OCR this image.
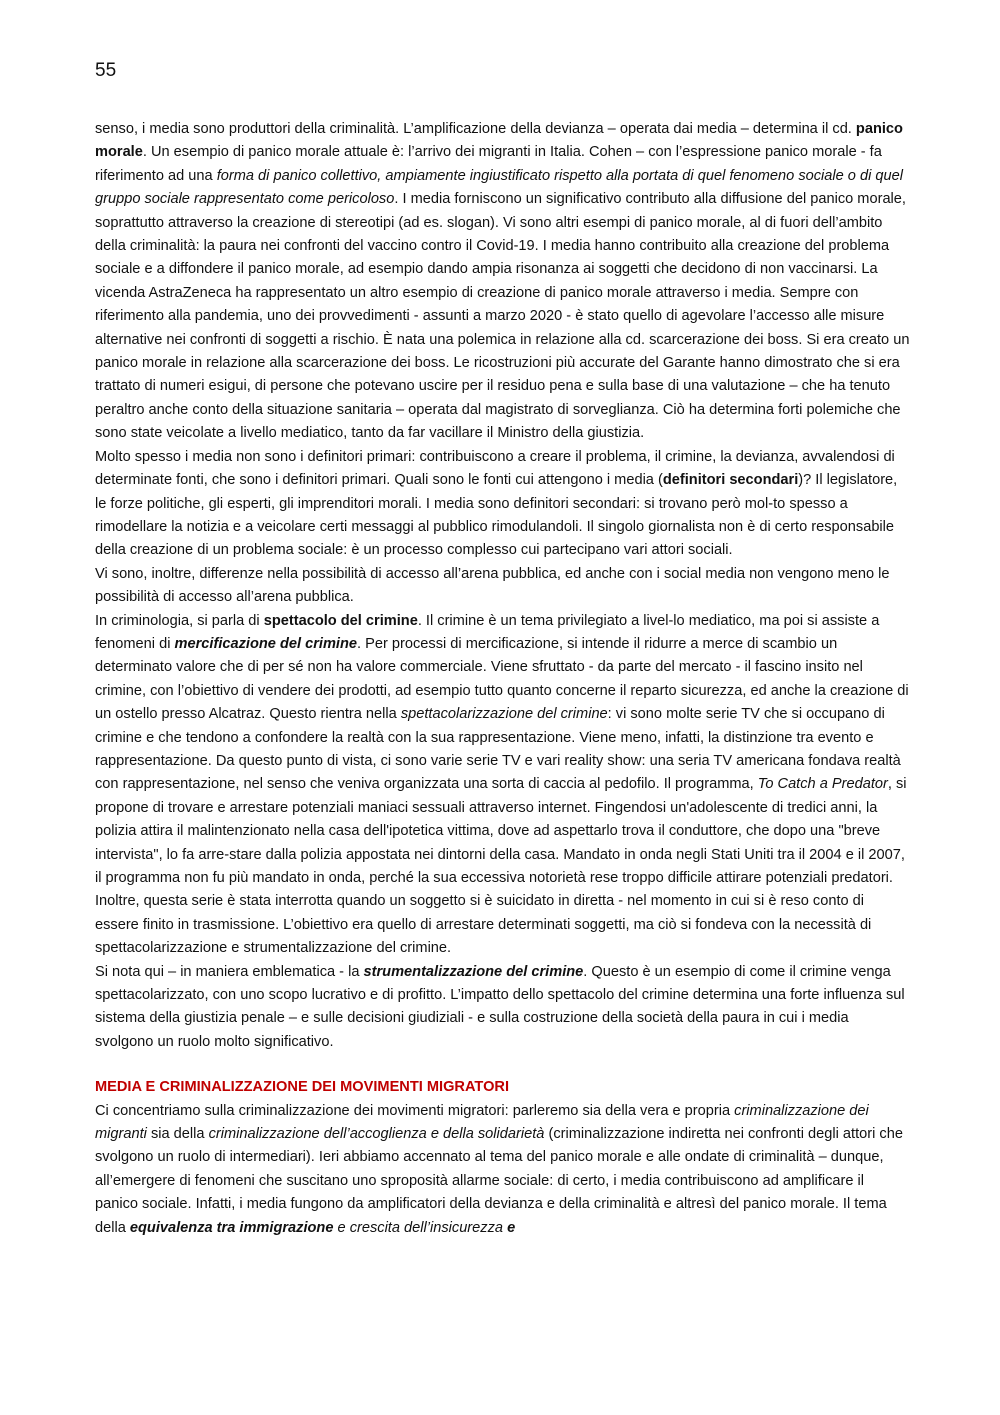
55

senso, i media sono produttori della criminalità. L’amplificazione della devianza – operata dai media – determina il cd. panico morale. Un esempio di panico morale attuale è: l’arrivo dei migranti in Italia. Cohen – con l’espressione panico morale - fa riferimento ad una forma di panico collettivo, ampiamente ingiustificato rispetto alla portata di quel fenomeno sociale o di quel gruppo sociale rappresentato come pericoloso. I media forniscono un significativo contributo alla diffusione del panico morale, soprattutto attraverso la creazione di stereotipi (ad es. slogan). Vi sono altri esempi di panico morale, al di fuori dell’ambito della criminalità: la paura nei confronti del vaccino contro il Covid-19. I media hanno contribuito alla creazione del problema sociale e a diffondere il panico morale, ad esempio dando ampia risonanza ai soggetti che decidono di non vaccinarsi. La vicenda AstraZeneca ha rappresentato un altro esempio di creazione di panico morale attraverso i media. Sempre con riferimento alla pandemia, uno dei provvedimenti - assunti a marzo 2020 - è stato quello di agevolare l’accesso alle misure alternative nei confronti di soggetti a rischio. È nata una polemica in relazione alla cd. scarcerazione dei boss. Si era creato un panico morale in relazione alla scarcerazione dei boss. Le ricostruzioni più accurate del Garante hanno dimostrato che si era trattato di numeri esigui, di persone che potevano uscire per il residuo pena e sulla base di una valutazione – che ha tenuto peraltro anche conto della situazione sanitaria – operata dal magistrato di sorveglianza. Ciò ha determina forti polemiche che sono state veicolate a livello mediatico, tanto da far vacillare il Ministro della giustizia.

Molto spesso i media non sono i definitori primari: contribuiscono a creare il problema, il crimine, la devianza, avvalendosi di determinate fonti, che sono i definitori primari. Quali sono le fonti cui attengono i media (definitori secondari)? Il legislatore, le forze politiche, gli esperti, gli imprenditori morali. I media sono definitori secondari: si trovano però mol-to spesso a rimodellare la notizia e a veicolare certi messaggi al pubblico rimodulandoli. Il singolo giornalista non è di certo responsabile della creazione di un problema sociale: è un processo complesso cui partecipano vari attori sociali.

Vi sono, inoltre, differenze nella possibilità di accesso all’arena pubblica, ed anche con i social media non vengono meno le possibilità di accesso all’arena pubblica.

In criminologia, si parla di spettacolo del crimine. Il crimine è un tema privilegiato a livel-lo mediatico, ma poi si assiste a fenomeni di mercificazione del crimine. Per processi di mercificazione, si intende il ridurre a merce di scambio un determinato valore che di per sé non ha valore commerciale. Viene sfruttato - da parte del mercato - il fascino insito nel crimine, con l’obiettivo di vendere dei prodotti, ad esempio tutto quanto concerne il reparto sicurezza, ed anche la creazione di un ostello presso Alcatraz. Questo rientra nella spettacolarizzazione del crimine: vi sono molte serie TV che si occupano di crimine e che tendono a confondere la realtà con la sua rappresentazione. Viene meno, infatti, la distinzione tra evento e rappresentazione. Da questo punto di vista, ci sono varie serie TV e vari reality show: una seria TV americana fondava realtà con rappresentazione, nel senso che veniva organizzata una sorta di caccia al pedofilo. Il programma, To Catch a Predator, si propone di trovare e arrestare potenziali maniaci sessuali attraverso internet. Fingendosi un'adolescente di tredici anni, la polizia attira il malintenzionato nella casa dell'ipotetica vittima, dove ad aspettarlo trova il conduttore, che dopo una "breve intervista", lo fa arre-stare dalla polizia appostata nei dintorni della casa. Mandato in onda negli Stati Uniti tra il 2004 e il 2007, il programma non fu più mandato in onda, perché la sua eccessiva notorietà rese troppo difficile attirare potenziali predatori. Inoltre, questa serie è stata interrotta quando un soggetto si è suicidato in diretta - nel momento in cui si è reso conto di essere finito in trasmissione. L’obiettivo era quello di arrestare determinati soggetti, ma ciò si fondeva con la necessità di spettacolarizzazione e strumentalizzazione del crimine.

Si nota qui – in maniera emblematica - la strumentalizzazione del crimine. Questo è un esempio di come il crimine venga spettacolarizzato, con uno scopo lucrativo e di profitto. L’impatto dello spettacolo del crimine determina una forte influenza sul sistema della giustizia penale – e sulle decisioni giudiziali - e sulla costruzione della società della paura in cui i media svolgono un ruolo molto significativo.

MEDIA E CRIMINALIZZAZIONE DEI MOVIMENTI MIGRATORI

Ci concentriamo sulla criminalizzazione dei movimenti migratori: parleremo sia della vera e propria criminalizzazione dei migranti sia della criminalizzazione dell’accoglienza e della solidarietà (criminalizzazione indiretta nei confronti degli attori che svolgono un ruolo di intermediari). Ieri abbiamo accennato al tema del panico morale e alle ondate di criminalità – dunque, all’emergere di fenomeni che suscitano uno sproposità allarme sociale: di certo, i media contribuiscono ad amplificare il panico sociale. Infatti, i media fungono da amplificatori della devianza e della criminalità e altresì del panico morale. Il tema della equivalenza tra immigrazione e crescita dell’insicurezza e
